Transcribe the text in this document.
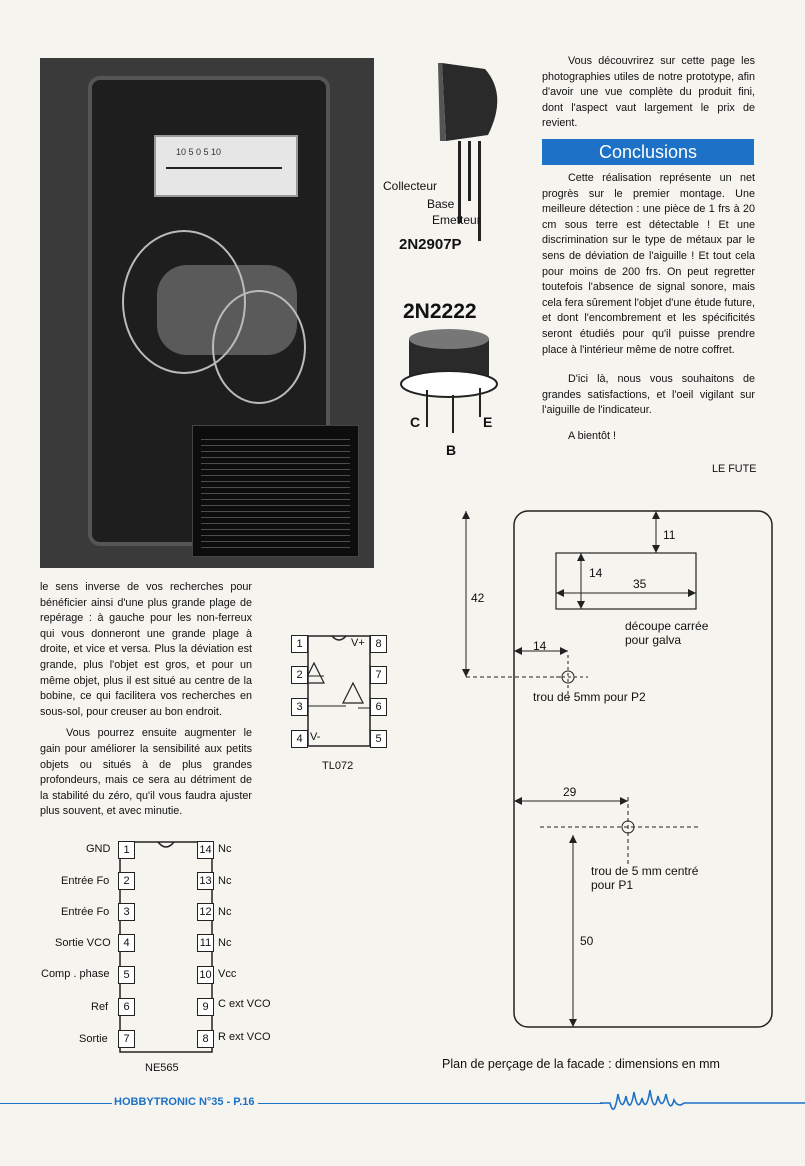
10 5 0 5 10
Collecteur
Base
Emetteur
2N2907P
2N2222
C
B
E

Vous découvrirez sur cette page les photographies utiles de notre prototype, afin d'avoir une vue complète du produit fini, dont l'aspect vaut largement le prix de revient.

Conclusions

Cette réalisation représente un net progrès sur le premier montage. Une meilleure détection : une pièce de 1 frs à 20 cm sous terre est détectable ! Et une discrimination sur le type de métaux par le sens de déviation de l'aiguille ! Et tout cela pour moins de 200 frs. On peut regretter toutefois l'absence de signal sonore, mais cela fera sûrement l'objet d'une étude future, et dont l'encombrement et les spécificités seront étudiés pour qu'il puisse prendre place à l'intérieur même de notre coffret.

D'ici là, nous vous souhaitons de grandes satisfactions, et l'oeil vigilant sur l'aiguille de l'indicateur.

A bientôt !

LE FUTE

le sens inverse de vos recherches pour bénéficier ainsi d'une plus grande plage de repérage : à gauche pour les non-ferreux qui vous donneront une grande plage à droite, et vice et versa. Plus la déviation est grande, plus l'objet est gros, et pour un même objet, plus il est situé au centre de la bobine, ce qui facilitera vos recherches en sous-sol, pour creuser au bon endroit.

Vous pourrez ensuite augmenter le gain pour améliorer la sensibilité aux petits objets ou situés à de plus grandes profondeurs, mais ce sera au détriment de la stabilité du zéro, qu'il vous faudra ajuster plus souvent, et avec minutie.

1
2
3
4
8
7
6
5
V+
V-
TL072
1
2
3
4
5
6
7
GND
Entrée Fo
Entrée Fo
Sortie VCO
Comp . phase
Ref
Sortie
14
13
12
11
10
9
8
Nc
Nc
Nc
Nc
Vcc
C ext VCO
R ext VCO
NE565
11
14
35
découpe carrée
pour galva
42
14
trou de 5mm pour P2
29
trou de 5 mm centré
pour P1
50
Plan de perçage de la facade : dimensions en mm
HOBBYTRONIC N°35 - P.16
